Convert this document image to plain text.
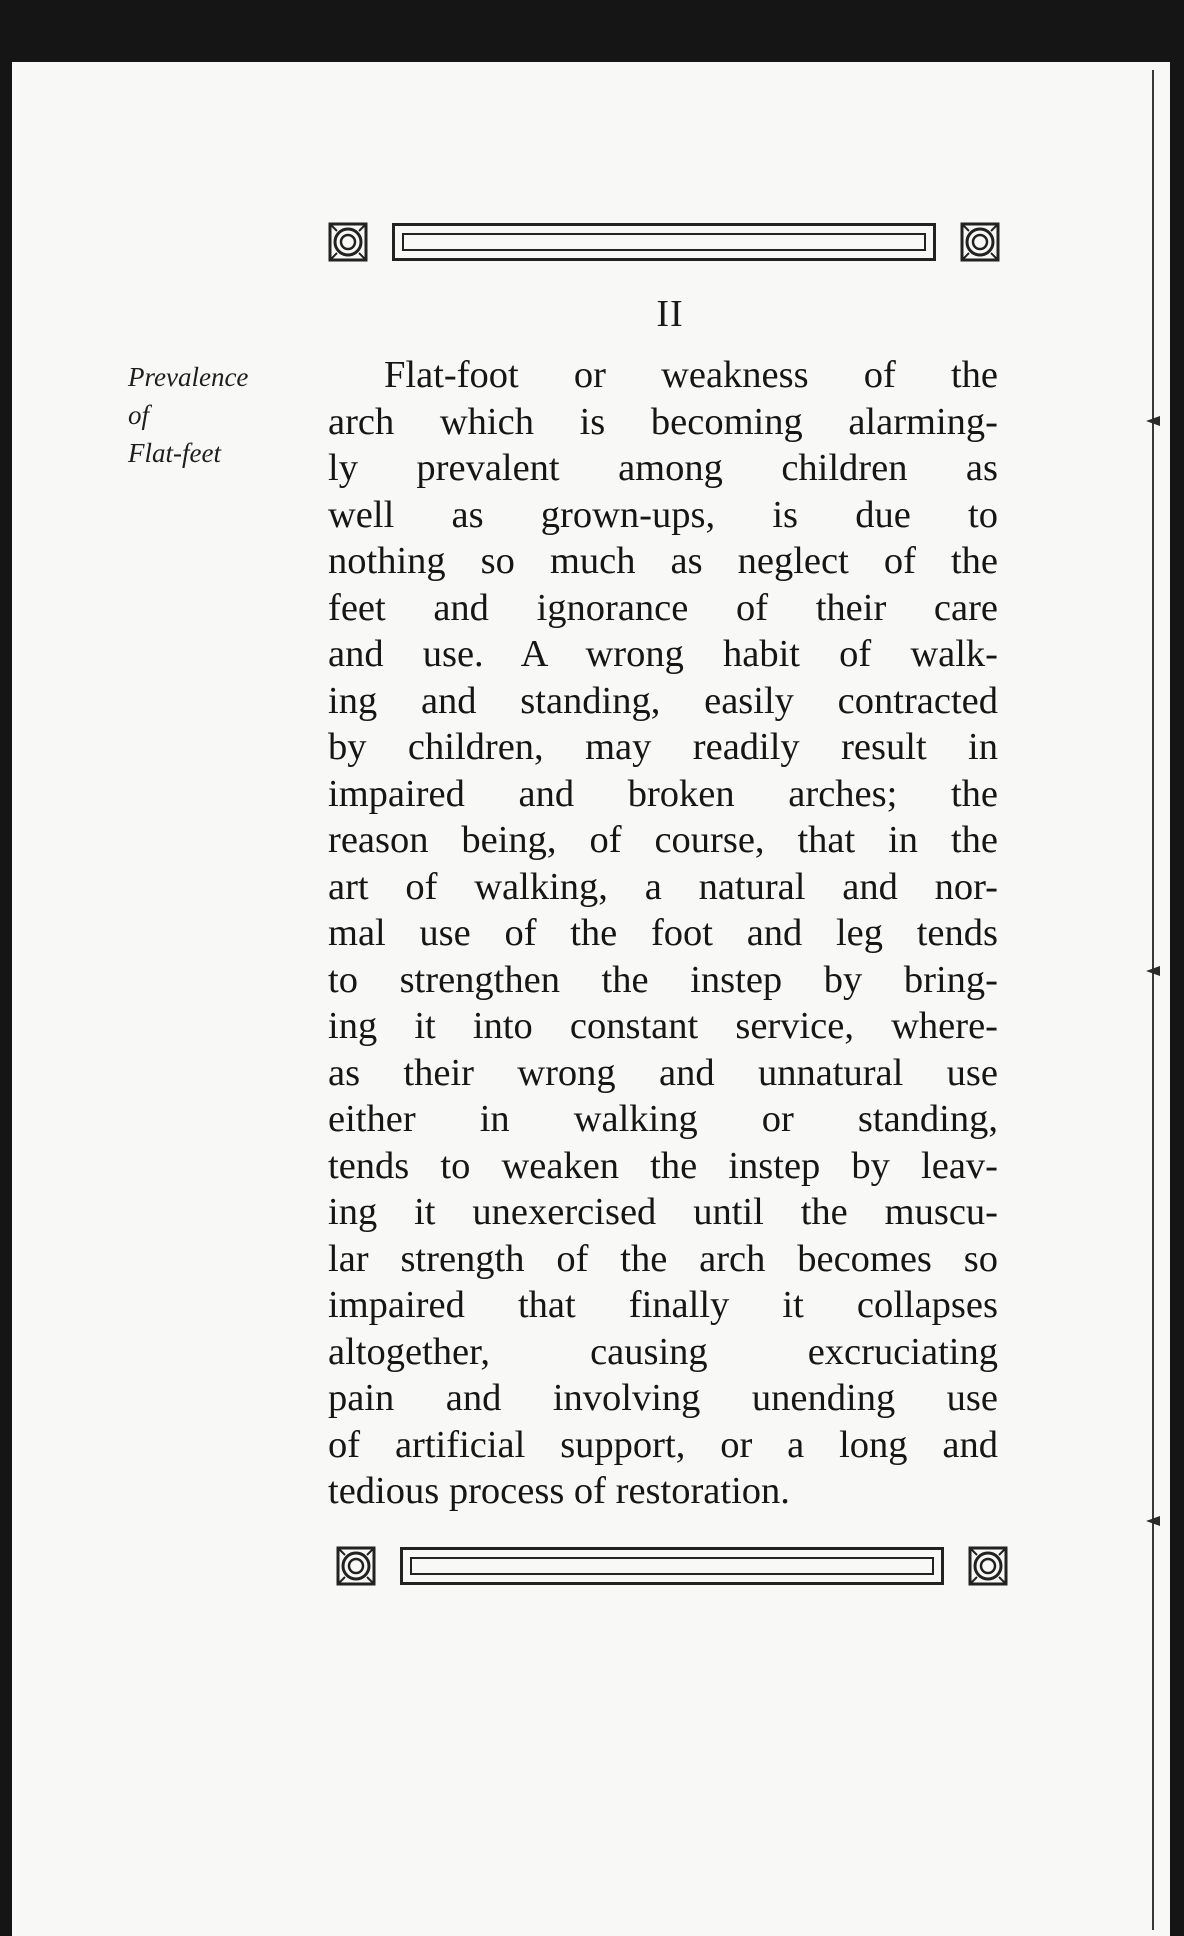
II
Prevalence
of
Flat-feet
Flat-foot or weakness of the
arch which is becoming alarming-
ly prevalent among children as
well as grown-ups, is due to
nothing so much as neglect of the
feet and ignorance of their care
and use. A wrong habit of walk-
ing and standing, easily contracted
by children, may readily result in
impaired and broken arches; the
reason being, of course, that in the
art of walking, a natural and nor-
mal use of the foot and leg tends
to strengthen the instep by bring-
ing it into constant service, where-
as their wrong and unnatural use
either in walking or standing,
tends to weaken the instep by leav-
ing it unexercised until the muscu-
lar strength of the arch becomes so
impaired that finally it collapses
altogether, causing excruciating
pain and involving unending use
of artificial support, or a long and
tedious process of restoration.
